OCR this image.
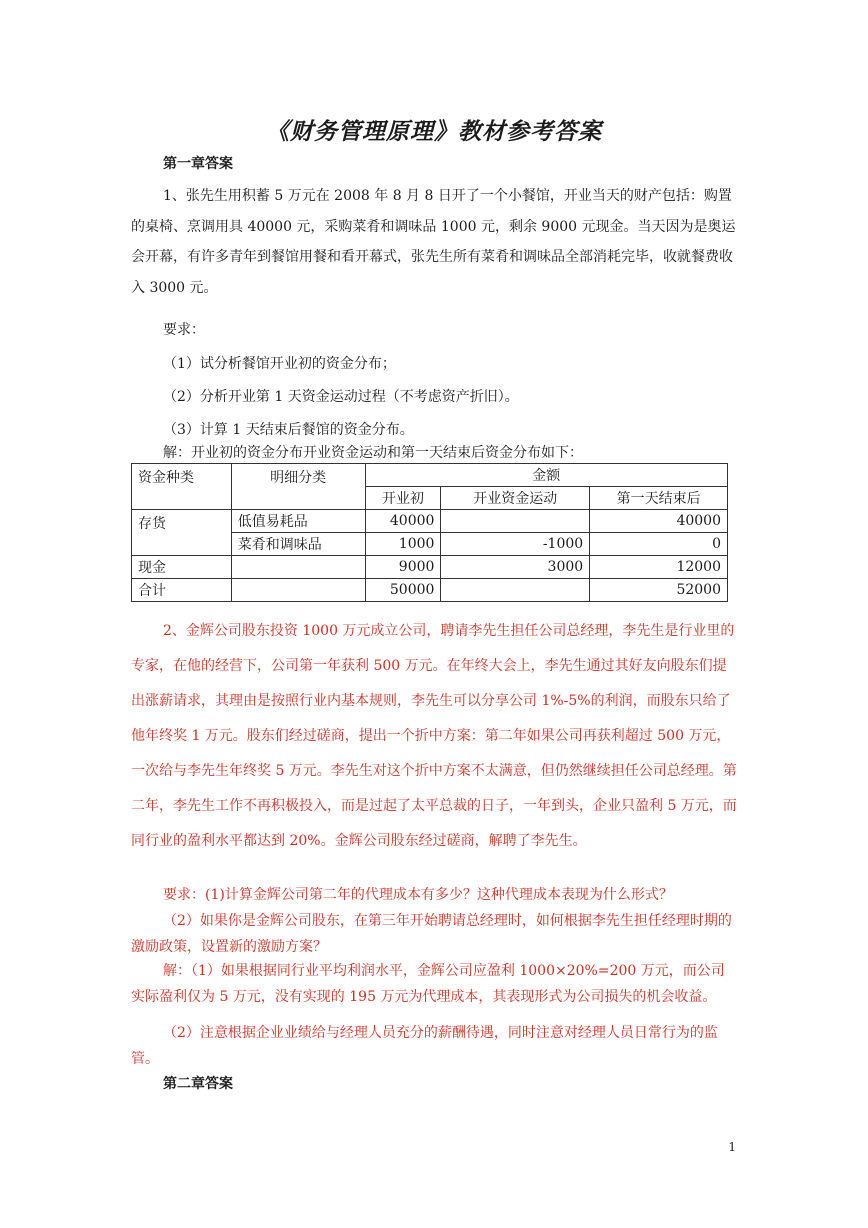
《财务管理原理》教材参考答案
第一章答案
1、张先生用积蓄 5 万元在 2008 年 8 月 8 日开了一个小餐馆，开业当天的财产包括：购置的桌椅、烹调用具 40000 元，采购菜肴和调味品 1000 元，剩余 9000 元现金。当天因为是奥运会开幕，有许多青年到餐馆用餐和看开幕式，张先生所有菜肴和调味品全部消耗完毕，收就餐费收入 3000 元。
要求：
（1）试分析餐馆开业初的资金分布；
（2）分析开业第 1 天资金运动过程（不考虑资产折旧）。
（3）计算 1 天结束后餐馆的资金分布。
解：开业初的资金分布开业资金运动和第一天结束后资金分布如下：
资金种类	明细分类	金额		
		开业初	开业资金运动	第一天结束后
存货	低值易耗品	40000		40000
	菜肴和调味品	1000	-1000	0
现金		9000	3000	12000
合计		50000		52000
2、金辉公司股东投资 1000 万元成立公司，聘请李先生担任公司总经理，李先生是行业里的专家，在他的经营下，公司第一年获利 500 万元。在年终大会上，李先生通过其好友向股东们提出涨薪请求，其理由是按照行业内基本规则，李先生可以分享公司 1%-5%的利润，而股东只给了他年终奖 1 万元。股东们经过磋商，提出一个折中方案：第二年如果公司再获利超过 500 万元，一次给与李先生年终奖 5 万元。李先生对这个折中方案不太满意，但仍然继续担任公司总经理。第二年，李先生工作不再积极投入，而是过起了太平总裁的日子，一年到头，企业只盈利 5 万元，而同行业的盈利水平都达到 20%。金辉公司股东经过磋商，解聘了李先生。
要求：(1)计算金辉公司第二年的代理成本有多少？这种代理成本表现为什么形式？
（2）如果你是金辉公司股东，在第三年开始聘请总经理时，如何根据李先生担任经理时期的激励政策，设置新的激励方案？
解：（1）如果根据同行业平均利润水平，金辉公司应盈利 1000×20%=200 万元，而公司实际盈利仅为 5 万元，没有实现的 195 万元为代理成本，其表现形式为公司损失的机会收益。
（2）注意根据企业业绩给与经理人员充分的薪酬待遇，同时注意对经理人员日常行为的监管。
第二章答案
1
